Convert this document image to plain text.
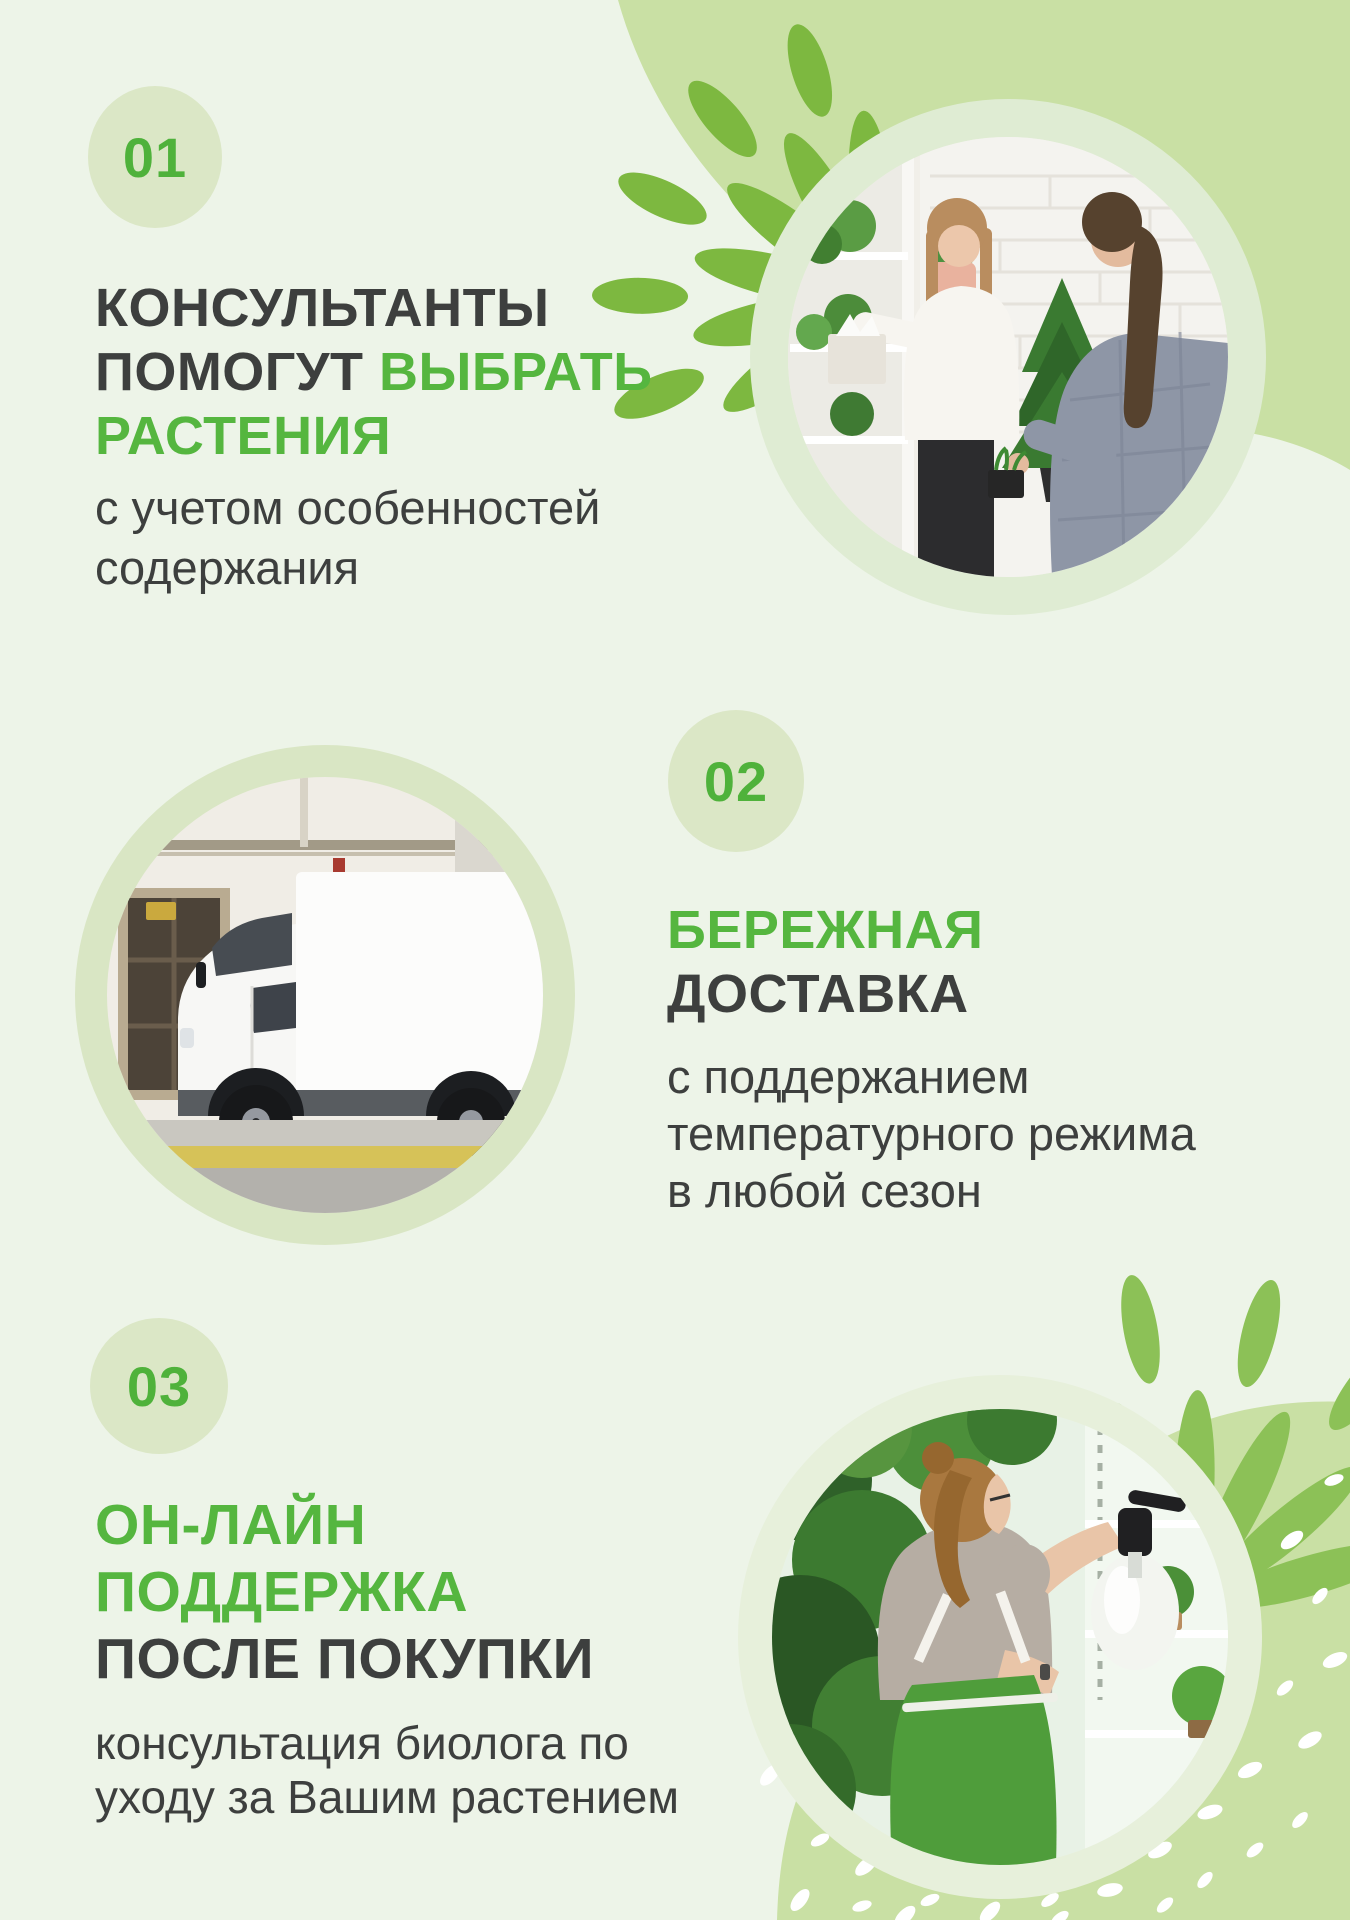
01
КОНСУЛЬТАНТЫ
ПОМОГУТ ВЫБРАТЬ
РАСТЕНИЯ
с учетом особенностей
содержания
02
БЕРЕЖНАЯ
ДОСТАВКА
с поддержанием
температурного режима
в любой сезон
03
ОН-ЛАЙН
ПОДДЕРЖКА
ПОСЛЕ ПОКУПКИ
консультация биолога по
уходу за Вашим растением
